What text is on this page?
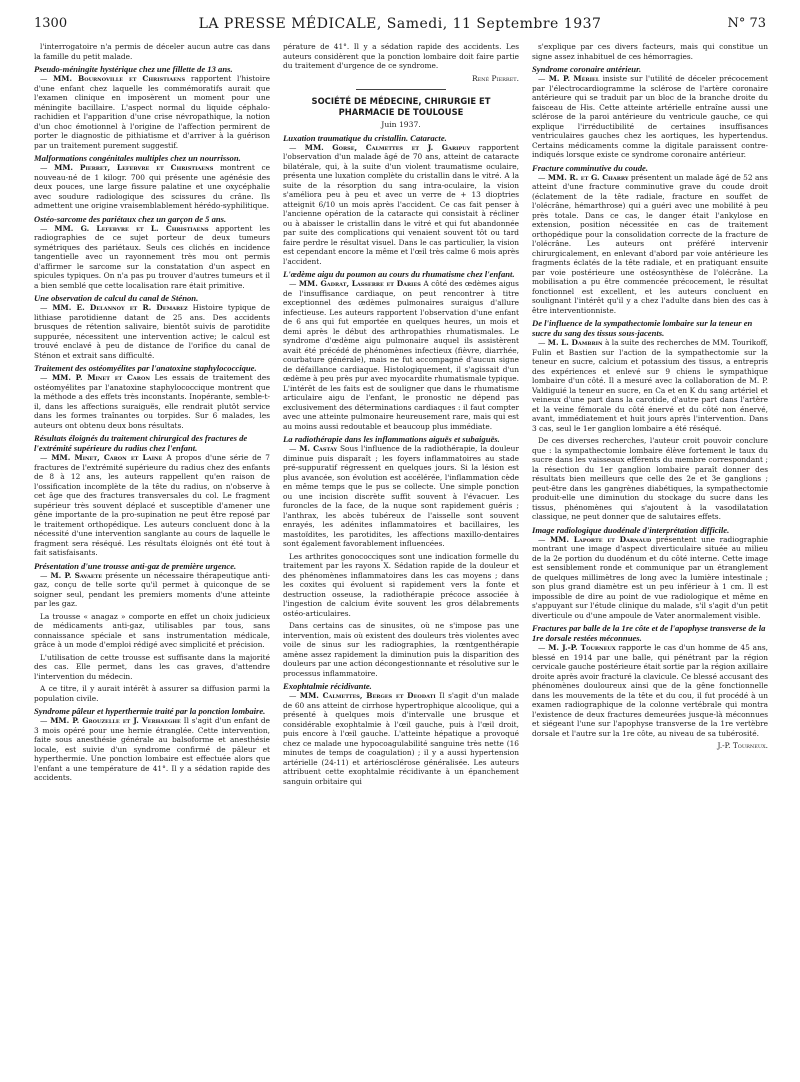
1300	LA PRESSE MÉDICALE, Samedi, 11 Septembre 1937	N° 73

l'interrogatoire n'a permis de déceler aucun autre cas dans la famille du petit malade.

Pseudo-méningite hystérique chez une fillette de 13 ans.

— MM. Bournoville et Christiaens rapportent l'histoire d'une enfant chez laquelle les commémoratifs aurait que l'examen clinique en imposèrent un moment pour une méningite bacillaire. L'aspect normal du liquide céphalo-rachidien et l'apparition d'une crise névropathique, la notion d'un choc émotionnel à l'origine de l'affection permirent de porter le diagnostic de pithiatisme et d'arriver à la guérison par un traitement purement suggestif.

Malformations congénitales multiples chez un nourrisson.

— MM. Pierret, Lefebvre et Christiaens montrent ce nouveau-né de 1 kilogr. 700 qui présente une agénésie des deux pouces, une large fissure palatine et une oxycéphalie avec soudure radiologique des scissures du crâne. Ils admettent une origine vraisemblablement hérédo-syphilitique.

Ostéo-sarcome des pariétaux chez un garçon de 5 ans.

— MM. G. Lefebvre et L. Christiaens apportent les radiographies de ce sujet porteur de deux tumeurs symétriques des pariétaux. Seuls ces clichés en incidence tangentielle avec un rayonnement très mou ont permis d'affirmer le sarcome sur la constatation d'un aspect en spicules typiques. On n'a pas pu trouver d'autres tumeurs et il a bien semblé que cette localisation rare était primitive.

Une observation de calcul du canal de Sténon.

— MM. E. Delannoy et R. Demarez Histoire typique de lithiase parotidienne datant de 25 ans. Des accidents brusques de rétention salivaire, bientôt suivis de parotidite suppurée, nécessitent une intervention active; le calcul est trouvé enclavé à peu de distance de l'orifice du canal de Sténon et extrait sans difficulté.

Traitement des ostéomyélites par l'anatoxine staphylococcique.

— MM. P. Minet et Caron Les essais de traitement des ostéomyélites par l'anatoxine staphylococcique montrent que la méthode a des effets très inconstants. Inopérante, semble-t-il, dans les affections suraiguës, elle rendrait plutôt service dans les formes traînantes ou torpides. Sur 6 malades, les auteurs ont obtenu deux bons résultats.

Résultats éloignés du traitement chirurgical des fractures de l'extrémité supérieure du radius chez l'enfant.

— MM. Minet, Caron et Laine A propos d'une série de 7 fractures de l'extrémité supérieure du radius chez des enfants de 8 à 12 ans, les auteurs rappellent qu'en raison de l'ossification incomplète de la tête du radius, on n'observe à cet âge que des fractures transversales du col. Le fragment supérieur très souvent déplacé et susceptible d'amener une gêne importante de la pro-supination ne peut être reposé par le traitement orthopédique. Les auteurs concluent donc à la nécessité d'une intervention sanglante au cours de laquelle le fragment sera réséqué. Les résultats éloignés ont été tout à fait satisfaisants.

Présentation d'une trousse anti-gaz de première urgence.

— M. P. Savaete présente un nécessaire thérapeutique anti-gaz, conçu de telle sorte qu'il permet à quiconque de se soigner seul, pendant les premiers moments d'une atteinte par les gaz.

La trousse « anagaz » comporte en effet un choix judicieux de médicaments anti-gaz, utilisables par tous, sans connaissance spéciale et sans instrumentation médicale, grâce à un mode d'emploi rédigé avec simplicité et précision.

L'utilisation de cette trousse est suffisante dans la majorité des cas. Elle permet, dans les cas graves, d'attendre l'intervention du médecin.

A ce titre, il y aurait intérêt à assurer sa diffusion parmi la population civile.

Syndrome pâleur et hyperthermie traité par la ponction lombaire.

— MM. P. Grouzelle et J. Verhaeghe Il s'agit d'un enfant de 3 mois opéré pour une hernie étranglée. Cette intervention, faite sous anesthésie générale au balsoforme et anesthésie locale, est suivie d'un syndrome confirmé de pâleur et hyperthermie. Une ponction lombaire est effectuée alors que l'enfant a une température de 41°. Il y a sédation rapide des accidents.

pérature de 41°. Il y a sédation rapide des accidents. Les auteurs considèrent que la ponction lombaire doit faire partie du traitement d'urgence de ce syndrome.

René Pierret.

SOCIÉTÉ DE MÉDECINE, CHIRURGIE ET PHARMACIE DE TOULOUSE
Juin 1937.
Luxation traumatique du cristallin. Cataracte.

— MM. Gorse, Calmettes et J. Garipuy rapportent l'observation d'un malade âgé de 70 ans, atteint de cataracte bilatérale, qui, à la suite d'un violent traumatisme oculaire, présenta une luxation complète du cristallin dans le vitré. A la suite de la résorption du sang intra-oculaire, la vision s'améliora peu à peu et avec un verre de + 13 dioptries atteignit 6/10 un mois après l'accident. Ce cas fait penser à l'ancienne opération de la cataracte qui consistait à récliner ou à abaisser le cristallin dans le vitré et qui fut abandonnée par suite des complications qui venaient souvent tôt ou tard faire perdre le résultat visuel. Dans le cas particulier, la vision est cependant encore la même et l'œil très calme 6 mois après l'accident.

L'œdème aigu du poumon au cours du rhumatisme chez l'enfant.

— MM. Gadrat, Lasserre et Daries A côté des œdèmes aigus de l'insuffisance cardiaque, on peut rencontrer à titre exceptionnel des œdèmes pulmonaires suraigus d'allure infectieuse. Les auteurs rapportent l'observation d'une enfant de 6 ans qui fut emportée en quelques heures, un mois et demi après le début des arthropathies rhumatismales. Le syndrome d'œdème aigu pulmonaire auquel ils assistèrent avait été précédé de phénomènes infectieux (fièvre, diarrhée, courbature générale), mais ne fut accompagné d'aucun signe de défaillance cardiaque. Histologiquement, il s'agissait d'un œdème à peu près pur avec myocardite rhumatismale typique. L'intérêt de les faits est de souligner que dans le rhumatisme articulaire aigu de l'enfant, le pronostic ne dépend pas exclusivement des déterminations cardiaques : il faut compter avec une atteinte pulmonaire heureusement rare, mais qui est au moins aussi redoutable et beaucoup plus immédiate.

La radiothérapie dans les inflammations aiguës et subaiguës.

— M. Castay Sous l'influence de la radiothérapie, la douleur diminue puis disparaît ; les foyers inflammatoires au stade pré-suppuratif régressent en quelques jours. Si la lésion est plus avancée, son évolution est accélérée, l'inflammation cède en même temps que le pus se collecte. Une simple ponction ou une incision discrète suffit souvent à l'évacuer. Les furoncles de la face, de la nuque sont rapidement guéris ; l'anthrax, les abcès tubéreux de l'aisselle sont souvent enrayés, les adénites inflammatoires et bacillaires, les mastoïdites, les parotidites, les affections maxillo-dentaires sont également favorablement influencées.

Les arthrites gonococciques sont une indication formelle du traitement par les rayons X. Sédation rapide de la douleur et des phénomènes inflammatoires dans les cas moyens ; dans les coxites qui évoluent si rapidement vers la fonte et destruction osseuse, la radiothérapie précoce associée à l'ingestion de calcium évite souvent les gros délabrements ostéo-articulaires.

Dans certains cas de sinusites, où ne s'impose pas une intervention, mais où existent des douleurs très violentes avec voile de sinus sur les radiographies, la rœntgenthérapie amène assez rapidement la diminution puis la disparition des douleurs par une action décongestionnante et résolutive sur le processus inflammatoire.

Exophtalmie récidivante.

— MM. Calmettes, Berges et Deodati Il s'agit d'un malade de 60 ans atteint de cirrhose hypertrophique alcoolique, qui a présenté à quelques mois d'intervalle une brusque et considérable exophtalmie à l'œil gauche, puis à l'œil droit, puis encore à l'œil gauche. L'atteinte hépatique a provoqué chez ce malade une hypocoagulabilité sanguine très nette (16 minutes de temps de coagulation) ; il y a aussi hypertension artérielle (24-11) et artériosclérose généralisée. Les auteurs attribuent cette exophtalmie récidivante à un épanchement sanguin orbitaire qui

s'explique par ces divers facteurs, mais qui constitue un signe assez inhabituel de ces hémorragies.

Syndrome coronaire antérieur.

— M. P. Mériel insiste sur l'utilité de déceler précocement par l'électrocardiogramme la sclérose de l'artère coronaire antérieure qui se traduit par un bloc de la branche droite du faisceau de His. Cette atteinte artérielle entraîne aussi une sclérose de la paroi antérieure du ventricule gauche, ce qui explique l'irréductibilité de certaines insuffisances ventriculaires gauches chez les aortiques, les hypertendus. Certains médicaments comme la digitale paraissent contre-indiqués lorsque existe ce syndrome coronaire antérieur.

Fracture comminutive du coude.

— MM. R. et G. Charry présentent un malade âgé de 52 ans atteint d'une fracture comminutive grave du coude droit (éclatement de la tête radiale, fracture en souffet de l'olécrâne, hémarthrose) qui a guéri avec une mobilité à peu près totale. Dans ce cas, le danger était l'ankylose en extension, position nécessitée en cas de traitement orthopédique pour la consolidation correcte de la fracture de l'olécrâne. Les auteurs ont préféré intervenir chirurgicalement, en enlevant d'abord par voie antérieure les fragments éclatés de la tête radiale, et en pratiquant ensuite par voie postérieure une ostéosynthèse de l'olécrâne. La mobilisation a pu être commencée précocement, le résultat fonctionnel est excellent, et les auteurs concluent en soulignant l'intérêt qu'il y a chez l'adulte dans bien des cas à être interventionniste.

De l'influence de la sympathectomie lombaire sur la teneur en sucre du sang des tissus sous-jacents.

— M. L. Dambrin à la suite des recherches de MM. Tourikoff, Fulin et Bastien sur l'action de la sympathectomie sur la teneur en sucre, calcium et potassium des tissus, a entrepris des expériences et enlevé sur 9 chiens le sympathique lombaire d'un côté. Il a mesuré avec la collaboration de M. P. Valdiguié la teneur en sucre, en Ca et en K du sang artériel et veineux d'une part dans la carotide, d'autre part dans l'artère et la veine fémorale du côté énervé et du côté non énervé, avant, immédiatement et huit jours après l'intervention. Dans 3 cas, seul le 1er ganglion lombaire a été réséqué.

De ces diverses recherches, l'auteur croit pouvoir conclure que : la sympathectomie lombaire élève fortement le taux du sucre dans les vaisseaux efférents du membre correspondant ; la résection du 1er ganglion lombaire paraît donner des résultats bien meilleurs que celle des 2e et 3e ganglions ; peut-être dans les gangrènes diabétiques, la sympathectomie produit-elle une diminution du stockage du sucre dans les tissus, phénomènes qui s'ajoutent à la vasodilatation classique, ne peut donner que de salutaires effets.

Image radiologique duodénale d'interprétation difficile.

— MM. Laporte et Darnaud présentent une radiographie montrant une image d'aspect diverticulaire située au milieu de la 2e portion du duodénum et du côté interne. Cette image est sensiblement ronde et communique par un étranglement de quelques millimètres de long avec la lumière intestinale ; son plus grand diamètre est un peu inférieur à 1 cm. Il est impossible de dire au point de vue radiologique et même en s'appuyant sur l'étude clinique du malade, s'il s'agit d'un petit diverticule ou d'une ampoule de Vater anormalement visible.

Fractures par balle de la 1re côte et de l'apophyse transverse de la 1re dorsale restées méconnues.

— M. J.-P. Tourneux rapporte le cas d'un homme de 45 ans, blessé en 1914 par une balle, qui pénétrant par la région cervicale gauche postérieure était sortie par la région axillaire droite après avoir fracturé la clavicule. Ce blessé accusant des phénomènes douloureux ainsi que de la gêne fonctionnelle dans les mouvements de la tête et du cou, il fut procédé à un examen radiographique de la colonne vertébrale qui montra l'existence de deux fractures demeurées jusque-là méconnues et siégeant l'une sur l'apophyse transverse de la 1re vertèbre dorsale et l'autre sur la 1re côte, au niveau de sa tubérosité.

J.-P. Tourneux.
